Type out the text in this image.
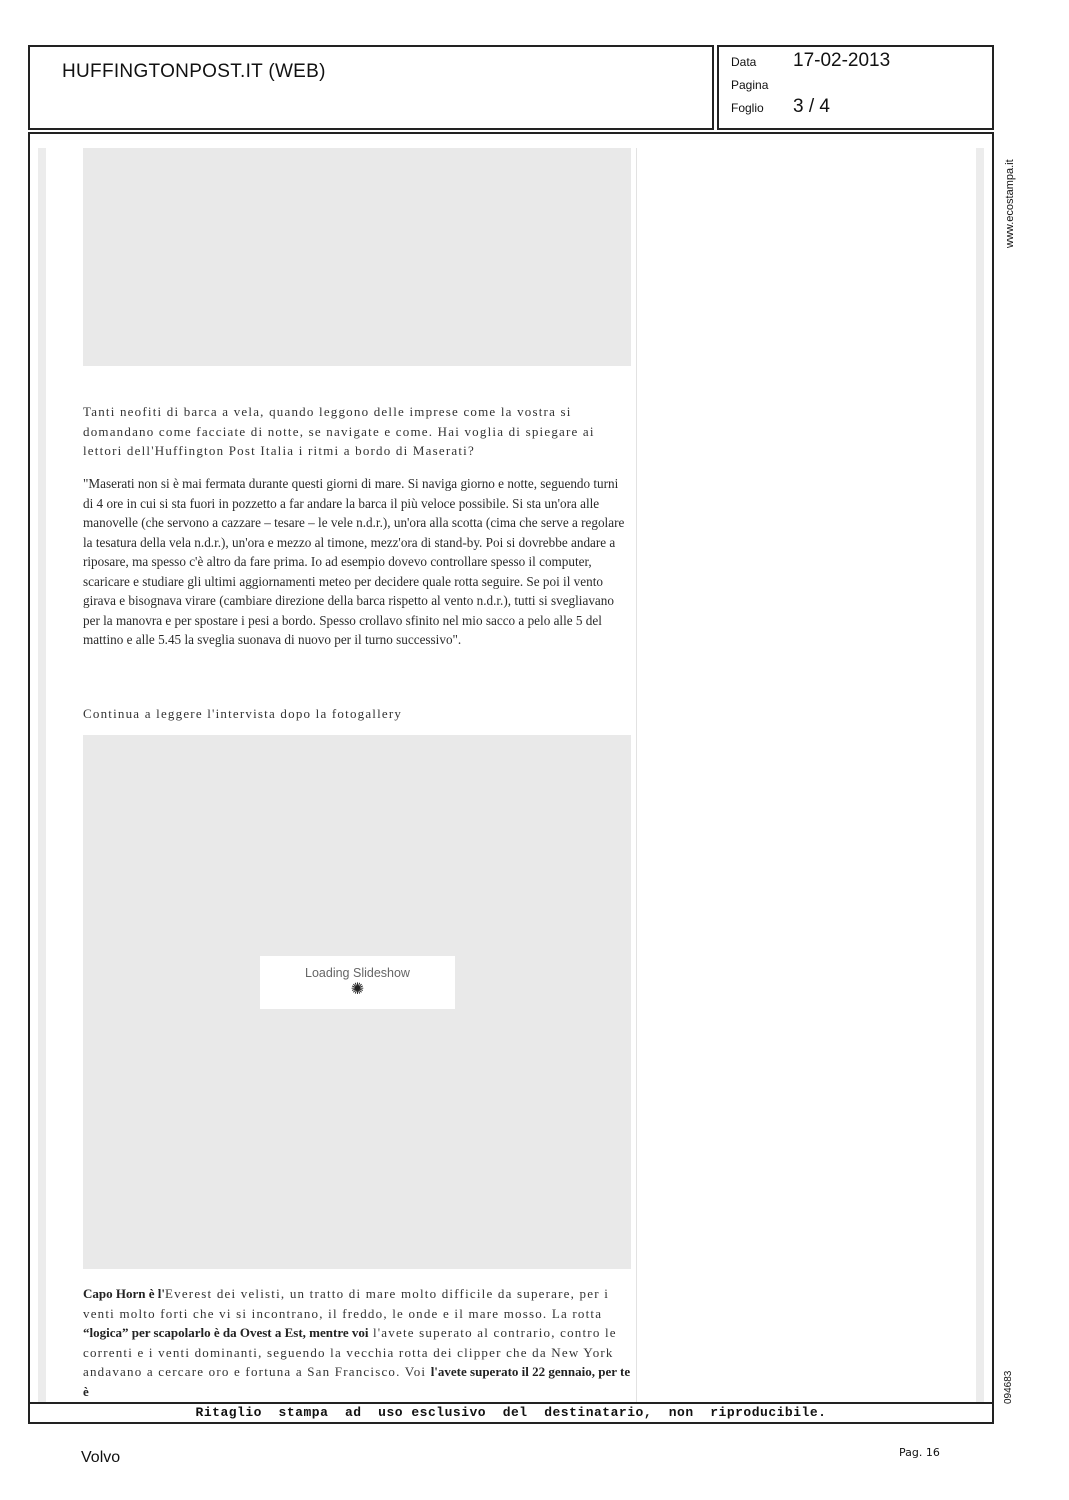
HUFFINGTONPOST.IT (WEB)	Data 17-02-2013
Pagina
Foglio 3 / 4

Tanti neofiti di barca a vela, quando leggono delle imprese come la vostra si domandano come facciate di notte, se navigate e come. Hai voglia di spiegare ai lettori dell'Huffington Post Italia i ritmi a bordo di Maserati?

"Maserati non si è mai fermata durante questi giorni di mare. Si naviga giorno e notte, seguendo turni di 4 ore in cui si sta fuori in pozzetto a far andare la barca il più veloce possibile. Si sta un'ora alle manovelle (che servono a cazzare – tesare – le vele n.d.r.), un'ora alla scotta (cima che serve a regolare la tesatura della vela n.d.r.), un'ora e mezzo al timone, mezz'ora di stand-by. Poi si dovrebbe andare a riposare, ma spesso c'è altro da fare prima. Io ad esempio dovevo controllare spesso il computer, scaricare e studiare gli ultimi aggiornamenti meteo per decidere quale rotta seguire. Se poi il vento girava e bisognava virare (cambiare direzione della barca rispetto al vento n.d.r.), tutti si svegliavano per la manovra e per spostare i pesi a bordo. Spesso crollavo sfinito nel mio sacco a pelo alle 5 del mattino e alle 5.45 la sveglia suonava di nuovo per il turno successivo".

Continua a leggere l'intervista dopo la fotogallery

Loading Slideshow
✺

Capo Horn è l'Everest dei velisti, un tratto di mare molto difficile da superare, per i venti molto forti che vi si incontrano, il freddo, le onde e il mare mosso. La rotta “logica” per scapolarlo è da Ovest a Est, mentre voi l'avete superato al contrario, contro le correnti e i venti dominanti, seguendo la vecchia rotta dei clipper che da New York andavano a cercare oro e fortuna a San Francisco. Voi l'avete superato il 22 gennaio, per te è

Ritaglio  stampa  ad  uso esclusivo  del  destinatario,  non  riproducibile.
www.ecostampa.it
094683
Volvo	Pag. 16
